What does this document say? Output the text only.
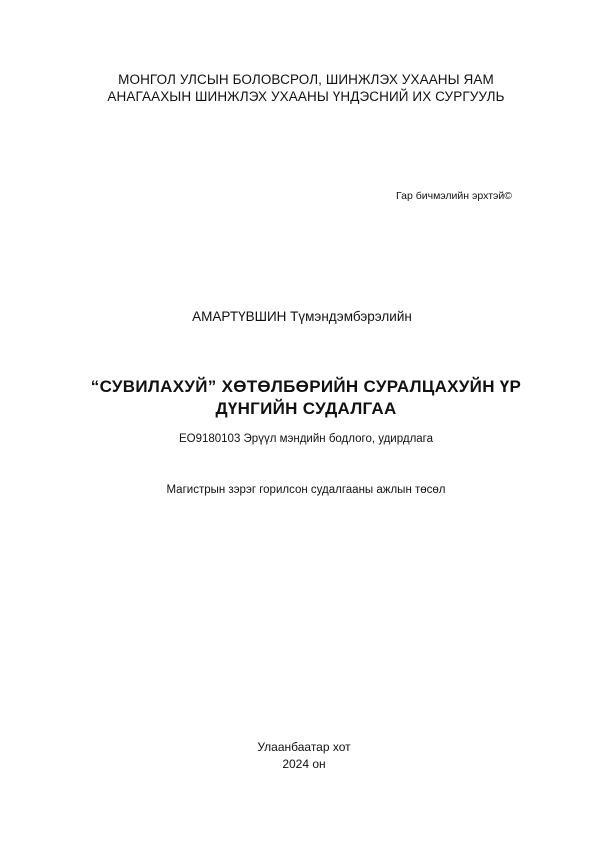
МОНГОЛ УЛСЫН БОЛОВСРОЛ, ШИНЖЛЭХ УХААНЫ ЯАМ
АНАГААХЫН ШИНЖЛЭХ УХААНЫ ҮНДЭСНИЙ ИХ СУРГУУЛЬ
Гар бичмэлийн эрхтэй©
АМАРТҮВШИН Түмэндэмбэрэлийн
“СУВИЛАХУЙ” ХӨТӨЛБӨРИЙН СУРАЛЦАХУЙН ҮР
ДҮНГИЙН СУДАЛГАА
ЕО9180103 Эрүүл мэндийн бодлого, удирдлага
Магистрын зэрэг горилсон судалгааны ажлын төсөл
Улаанбаатар хот
2024 он
